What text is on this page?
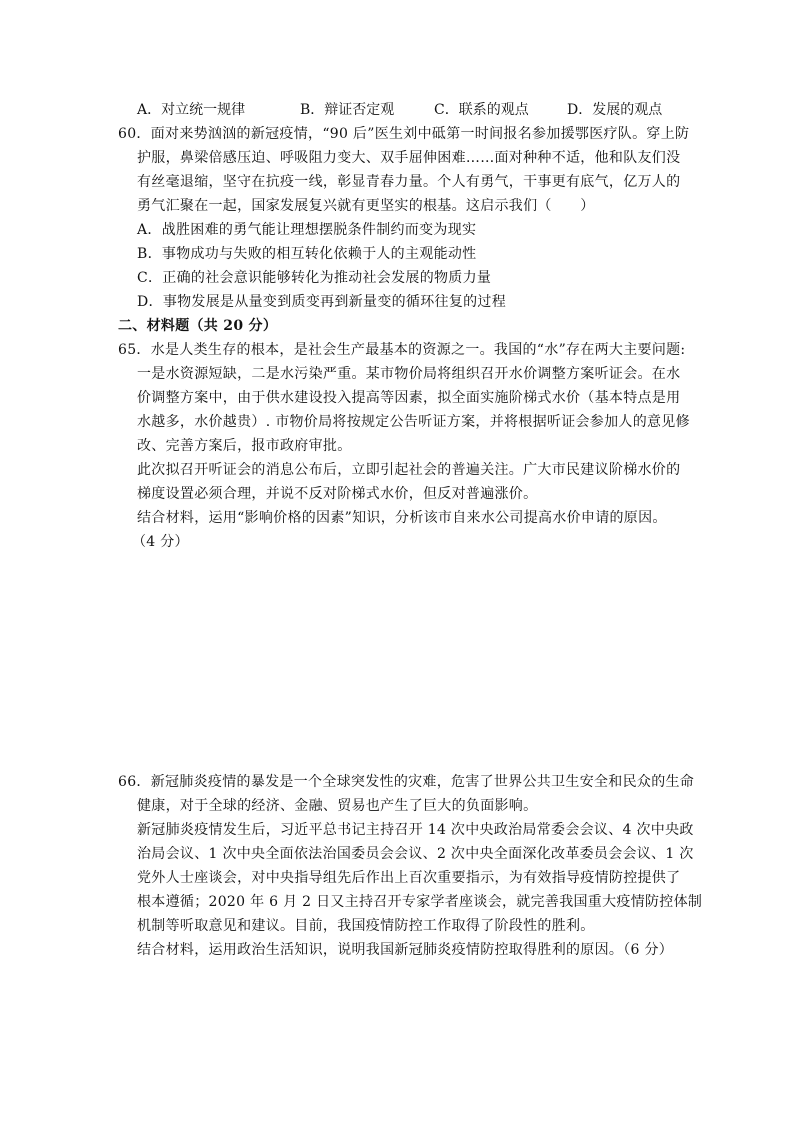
A．对立统一规律	B．辩证否定观	C．联系的观点	D．发展的观点
60．面对来势汹汹的新冠疫情，“90 后”医生刘中砥第一时间报名参加援鄂医疗队。穿上防
护服，鼻梁倍感压迫、呼吸阻力变大、双手屈伸困难……面对种种不适，他和队友们没
有丝毫退缩，坚守在抗疫一线，彰显青春力量。个人有勇气，干事更有底气，亿万人的
勇气汇聚在一起，国家发展复兴就有更坚实的根基。这启示我们（　　）
A．战胜困难的勇气能让理想摆脱条件制约而变为现实
B．事物成功与失败的相互转化依赖于人的主观能动性
C．正确的社会意识能够转化为推动社会发展的物质力量
D．事物发展是从量变到质变再到新量变的循环往复的过程
二、材料题（共 20 分）
65．水是人类生存的根本，是社会生产最基本的资源之一。我国的“水”存在两大主要问题:
一是水资源短缺，二是水污染严重。某市物价局将组织召开水价调整方案听证会。在水
价调整方案中，由于供水建设投入提高等因素，拟全面实施阶梯式水价（基本特点是用
水越多，水价越贵）. 市物价局将按规定公告听证方案，并将根据听证会参加人的意见修
改、完善方案后，报市政府审批。
此次拟召开听证会的消息公布后，立即引起社会的普遍关注。广大市民建议阶梯水价的
梯度设置必须合理，并说不反对阶梯式水价，但反对普遍涨价。
结合材料，运用“影响价格的因素”知识，分析该市自来水公司提高水价申请的原因。
（4 分）
66．新冠肺炎疫情的暴发是一个全球突发性的灾难，危害了世界公共卫生安全和民众的生命
健康，对于全球的经济、金融、贸易也产生了巨大的负面影响。
新冠肺炎疫情发生后，习近平总书记主持召开 14 次中央政治局常委会会议、4 次中央政
治局会议、1 次中央全面依法治国委员会会议、2 次中央全面深化改革委员会会议、1 次
党外人士座谈会，对中央指导组先后作出上百次重要指示，为有效指导疫情防控提供了
根本遵循；2020 年 6 月 2 日又主持召开专家学者座谈会，就完善我国重大疫情防控体制
机制等听取意见和建议。目前，我国疫情防控工作取得了阶段性的胜利。
结合材料，运用政治生活知识，说明我国新冠肺炎疫情防控取得胜利的原因。（6 分）
